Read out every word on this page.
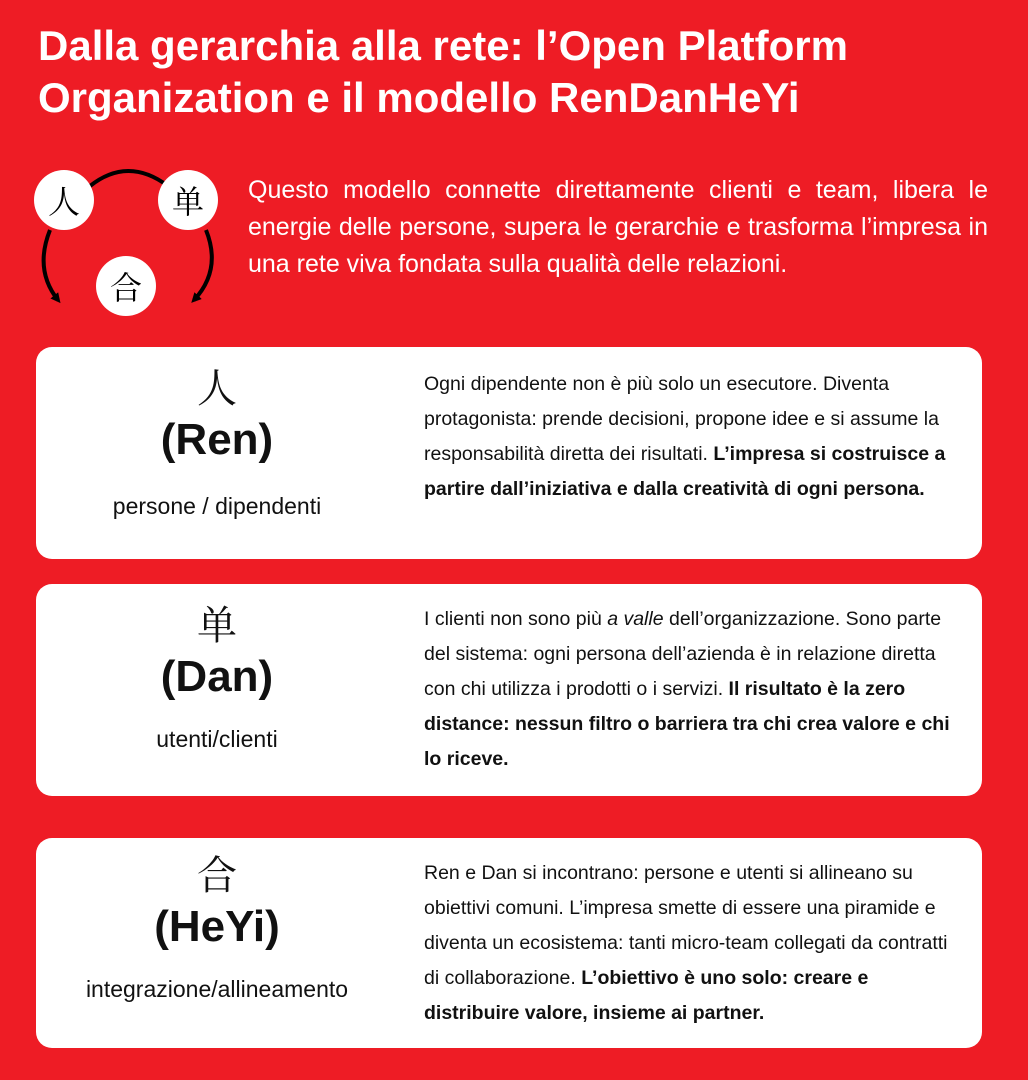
Dalla gerarchia alla rete: l’Open Platform
Organization e il modello RenDanHeYi
人	单
合

Questo modello connette direttamente clienti e team, libera le energie delle persone, supera le gerarchie e trasforma l’impresa in una rete viva fondata sulla qualità delle relazioni.

人
(Ren)
persone / dipendenti
Ogni dipendente non è più solo un esecutore. Diventa protagonista: prende decisioni, propone idee e si assume la responsabilità diretta dei risultati. L’impresa si costruisce a partire dall’iniziativa e dalla creatività di ogni persona.
单
(Dan)
utenti/clienti
I clienti non sono più a valle dell’organizzazione. Sono parte del sistema: ogni persona dell’azienda è in relazione diretta con chi utilizza i prodotti o i servizi. Il risultato è la zero distance: nessun filtro o barriera tra chi crea valore e chi lo riceve.
合
(HeYi)
integrazione/allineamento
Ren e Dan si incontrano: persone e utenti si allineano su obiettivi comuni. L’impresa smette di essere una piramide e diventa un ecosistema: tanti micro-team collegati da contratti di collaborazione. L’obiettivo è uno solo: creare e distribuire valore, insieme ai partner.
